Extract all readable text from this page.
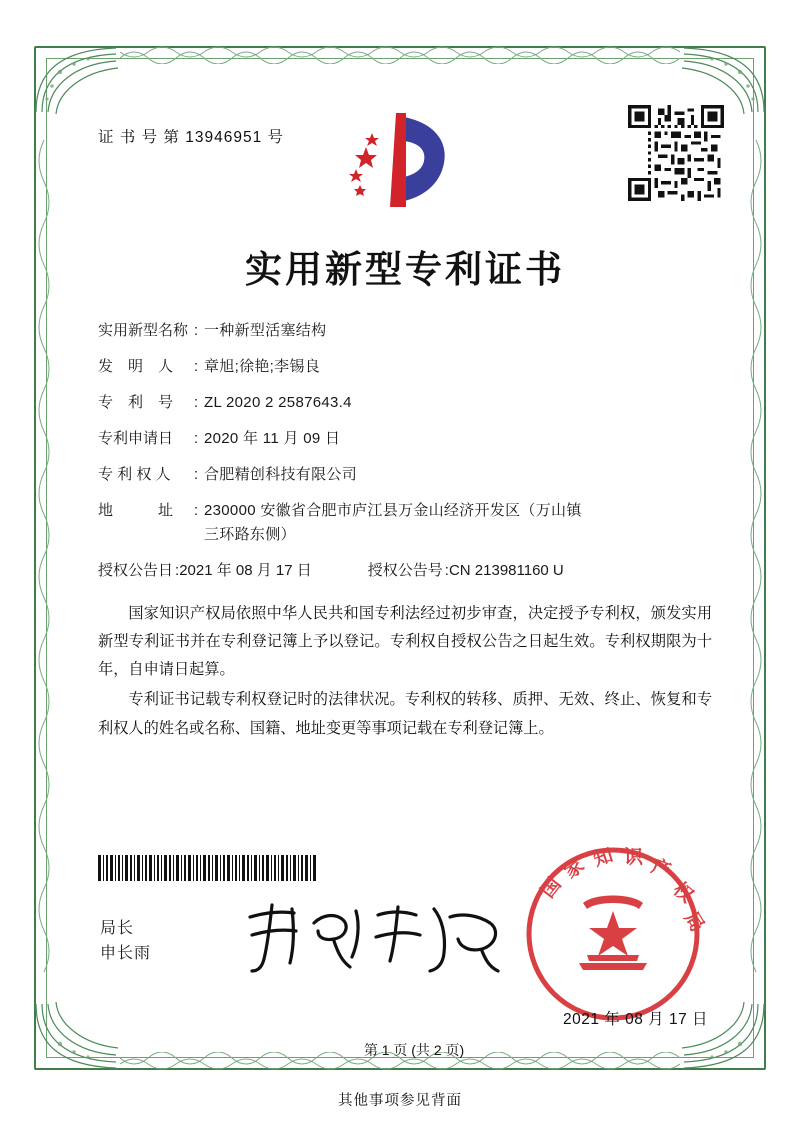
证 书 号 第 13946951 号
实用新型专利证书
实用新型名称 : 一种新型活塞结构
发　明　人	: 章旭;徐艳;李锡良
专　利　号	: ZL 2020 2 2587643.4
专利申请日	: 2020 年 11 月 09 日
专 利 权 人	: 合肥精创科技有限公司
地　　　址	: 230000 安徽省合肥市庐江县万金山经济开发区（万山镇
三环路东侧）
授权公告日 : 2021 年 08 月 17 日	授权公告号 : CN 213981160 U

国家知识产权局依照中华人民共和国专利法经过初步审查，决定授予专利权，颁发实用新型专利证书并在专利登记簿上予以登记。专利权自授权公告之日起生效。专利权期限为十年，自申请日起算。

专利证书记载专利权登记时的法律状况。专利权的转移、质押、无效、终止、恢复和专利权人的姓名或名称、国籍、地址变更等事项记载在专利登记簿上。

局长
申长雨
国
家 知 识 产
权
局
2021 年 08 月 17 日
第 1 页 (共 2 页)
其他事项参见背面
